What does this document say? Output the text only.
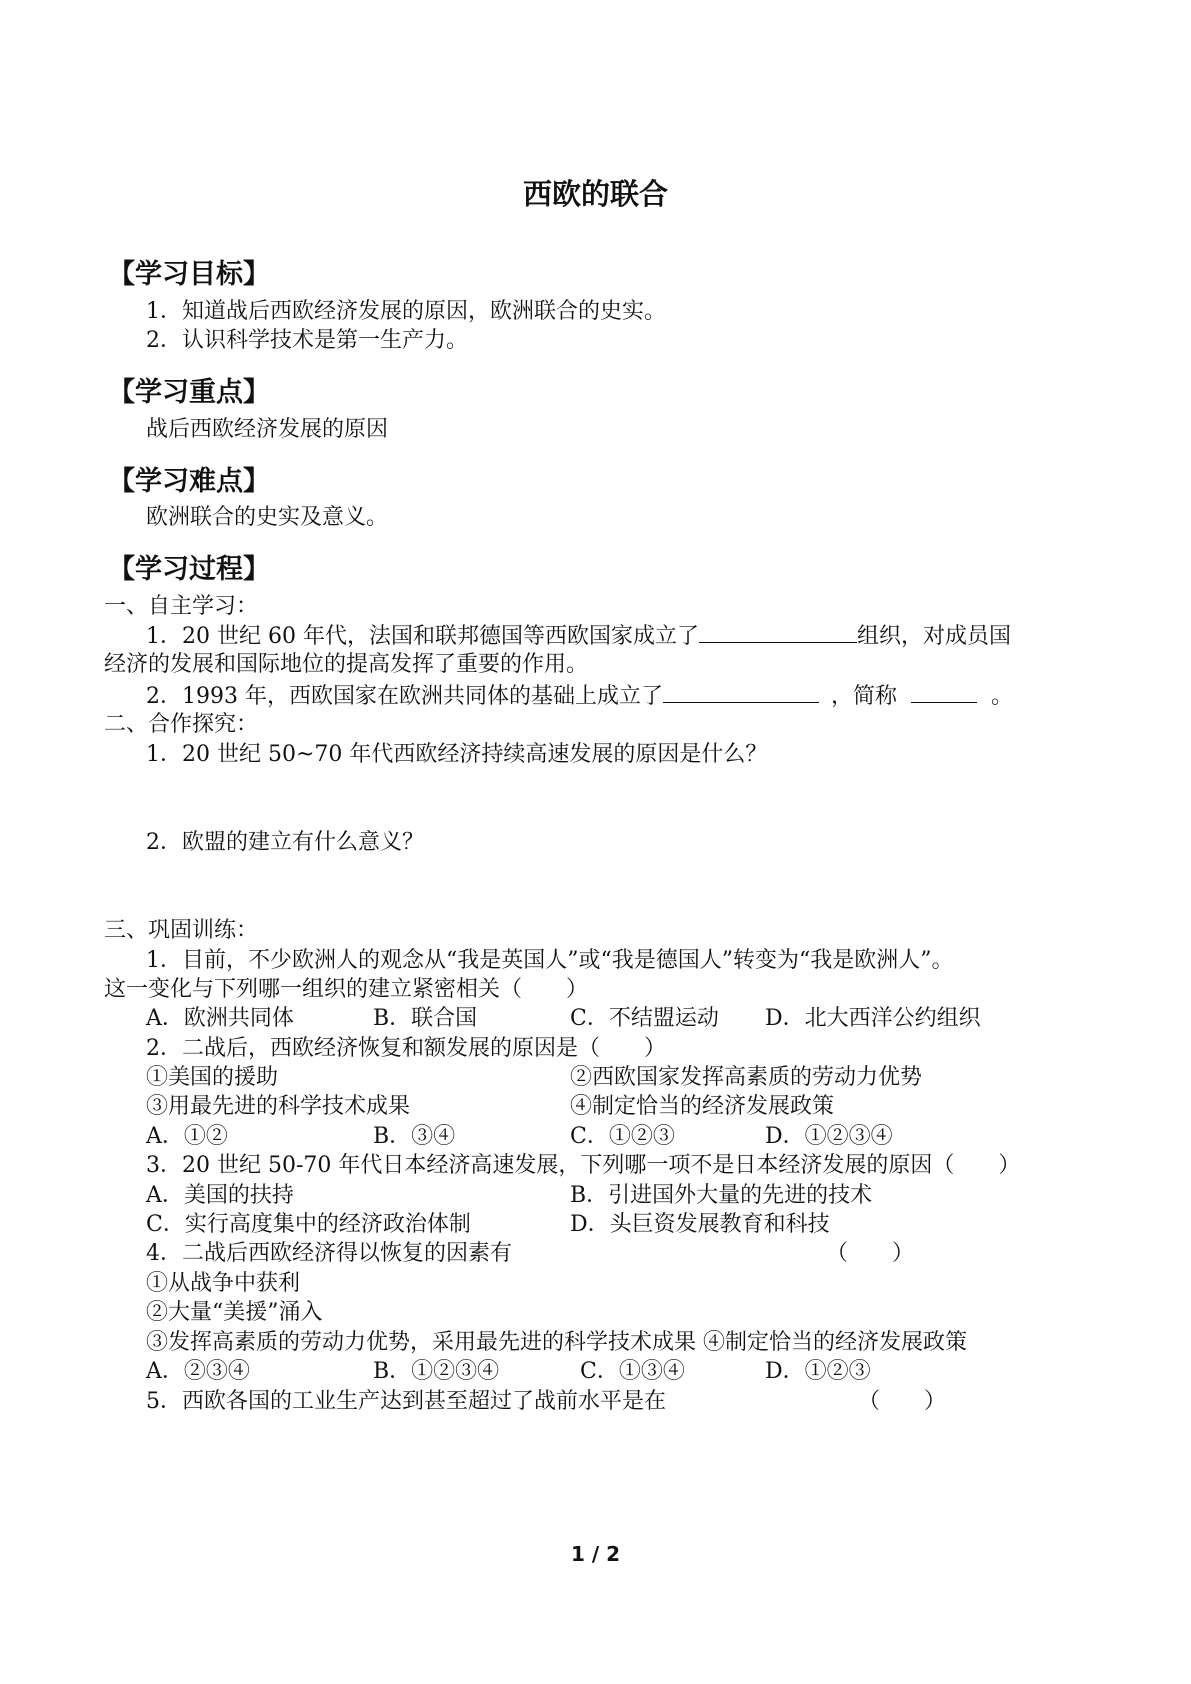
西欧的联合
【学习目标】
1．知道战后西欧经济发展的原因，欧洲联合的史实。
2．认识科学技术是第一生产力。
【学习重点】
战后西欧经济发展的原因
【学习难点】
欧洲联合的史实及意义。
【学习过程】
一、自主学习：
1．20 世纪 60 年代，法国和联邦德国等西欧国家成立了	组织，对成员国
经济的发展和国际地位的提高发挥了重要的作用。
2．1993 年，西欧国家在欧洲共同体的基础上成立了	，简称	。
二、合作探究：
1．20 世纪 50~70 年代西欧经济持续高速发展的原因是什么？
2．欧盟的建立有什么意义？
三、巩固训练：
1．目前，不少欧洲人的观念从“我是英国人”或“我是德国人”转变为“我是欧洲人”。
这一变化与下列哪一组织的建立紧密相关（　　）
A．欧洲共同体	B．联合国	C．不结盟运动 D．北大西洋公约组织
2．二战后，西欧经济恢复和额发展的原因是（　　）
①美国的援助	②西欧国家发挥高素质的劳动力优势
③用最先进的科学技术成果	④制定恰当的经济发展政策
A．①②	B．③④	C．①②③	D．①②③④
3．20 世纪 50-70 年代日本经济高速发展，下列哪一项不是日本经济发展的原因（　　）
A．美国的扶持	B．引进国外大量的先进的技术
C．实行高度集中的经济政治体制	D．头巨资发展教育和科技
4．二战后西欧经济得以恢复的因素有	（　　）
①从战争中获利
②大量“美援”涌入
③发挥高素质的劳动力优势，采用最先进的科学技术成果 ④制定恰当的经济发展政策
A．②③④	B．①②③④	C．①③④	D．①②③
5．西欧各国的工业生产达到甚至超过了战前水平是在	（　　）
1 / 2
